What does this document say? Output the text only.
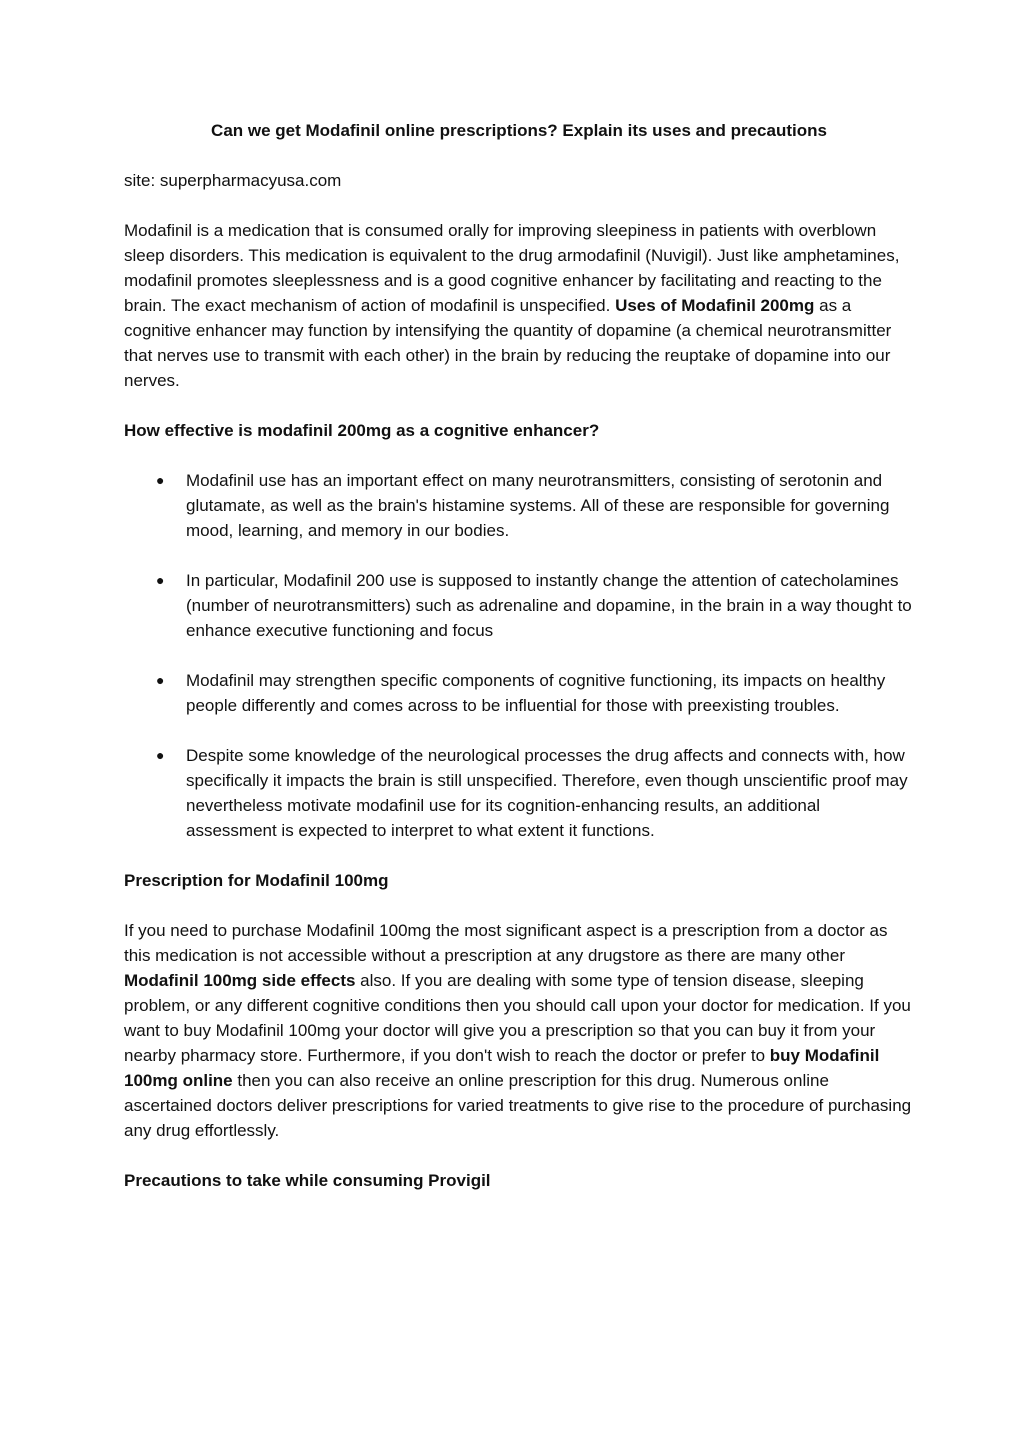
Can we get Modafinil online prescriptions? Explain its uses and precautions

site: superpharmacyusa.com

Modafinil is a medication that is consumed orally for improving sleepiness in patients with overblown sleep disorders. This medication is equivalent to the drug armodafinil (Nuvigil). Just like amphetamines, modafinil promotes sleeplessness and is a good cognitive enhancer by facilitating and reacting to the brain. The exact mechanism of action of modafinil is unspecified. Uses of Modafinil 200mg as a cognitive enhancer may function by intensifying the quantity of dopamine (a chemical neurotransmitter that nerves use to transmit with each other) in the brain by reducing the reuptake of dopamine into our nerves.

How effective is modafinil 200mg as a cognitive enhancer?
● Modafinil use has an important effect on many neurotransmitters, consisting of serotonin and glutamate, as well as the brain's histamine systems. All of these are responsible for governing mood, learning, and memory in our bodies.
● In particular, Modafinil 200 use is supposed to instantly change the attention of catecholamines (number of neurotransmitters) such as adrenaline and dopamine, in the brain in a way thought to enhance executive functioning and focus
● Modafinil may strengthen specific components of cognitive functioning, its impacts on healthy people differently and comes across to be influential for those with preexisting troubles.
● Despite some knowledge of the neurological processes the drug affects and connects with, how specifically it impacts the brain is still unspecified. Therefore, even though unscientific proof may nevertheless motivate modafinil use for its cognition-enhancing results, an additional assessment is expected to interpret to what extent it functions.
Prescription for Modafinil 100mg

If you need to purchase Modafinil 100mg the most significant aspect is a prescription from a doctor as this medication is not accessible without a prescription at any drugstore as there are many other Modafinil 100mg side effects also. If you are dealing with some type of tension disease, sleeping problem, or any different cognitive conditions then you should call upon your doctor for medication. If you want to buy Modafinil 100mg your doctor will give you a prescription so that you can buy it from your nearby pharmacy store. Furthermore, if you don't wish to reach the doctor or prefer to buy Modafinil 100mg online then you can also receive an online prescription for this drug. Numerous online ascertained doctors deliver prescriptions for varied treatments to give rise to the procedure of purchasing any drug effortlessly.

Precautions to take while consuming Provigil
